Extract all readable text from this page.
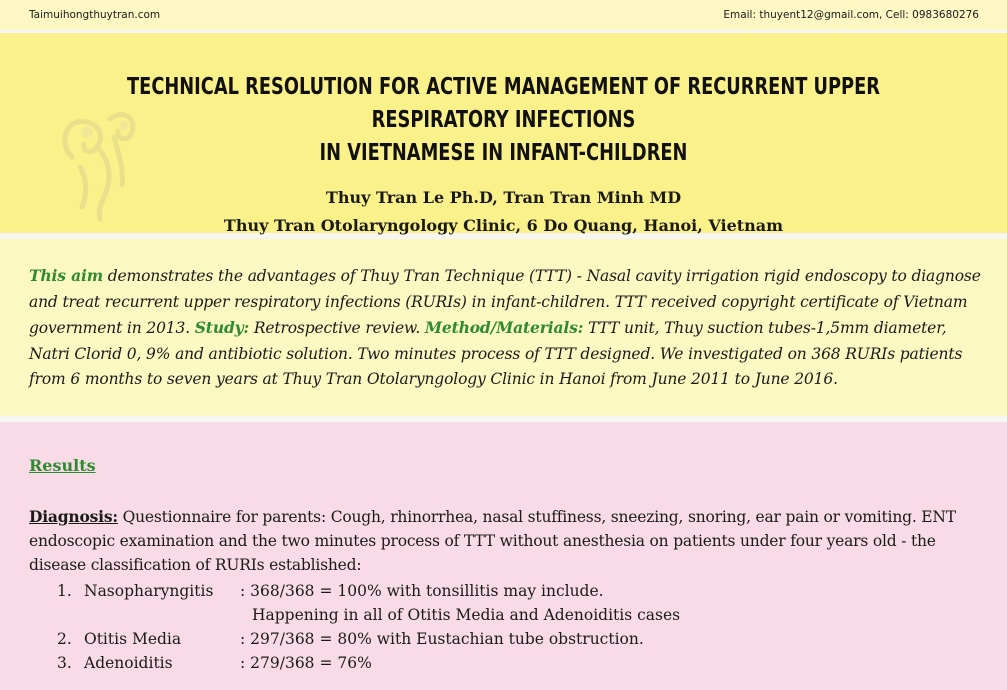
Taimuihongthuytran.com	Email: thuyent12@gmail.com, Cell: 0983680276
TECHNICAL RESOLUTION FOR ACTIVE MANAGEMENT OF RECURRENT UPPER RESPIRATORY INFECTIONS
IN VIETNAMESE IN INFANT-CHILDREN
Thuy Tran Le Ph.D, Tran Tran Minh MD
Thuy Tran Otolaryngology Clinic, 6 Do Quang, Hanoi, Vietnam

This aim demonstrates the advantages of Thuy Tran Technique (TTT) - Nasal cavity irrigation rigid endoscopy to diagnose and treat recurrent upper respiratory infections (RURIs) in infant-children. TTT received copyright certificate of Vietnam government in 2013. Study: Retrospective review. Method/Materials: TTT unit, Thuy suction tubes-1,5mm diameter, Natri Clorid 0, 9% and antibiotic solution. Two minutes process of TTT designed. We investigated on 368 RURIs patients from 6 months to seven years at Thuy Tran Otolaryngology Clinic in Hanoi from June 2011 to June 2016.

Results

Diagnosis: Questionnaire for parents: Cough, rhinorrhea, nasal stuffiness, sneezing, snoring, ear pain or vomiting. ENT endoscopic examination and the two minutes process of TTT without anesthesia on patients under four years old - the disease classification of RURIs established:

1. Nasopharyngitis : 368/368 = 100% with tonsillitis may include.
Happening in all of Otitis Media and Adenoiditis cases
2. Otitis Media	: 297/368 = 80% with Eustachian tube obstruction.
3. Adenoiditis	: 279/368 = 76%
